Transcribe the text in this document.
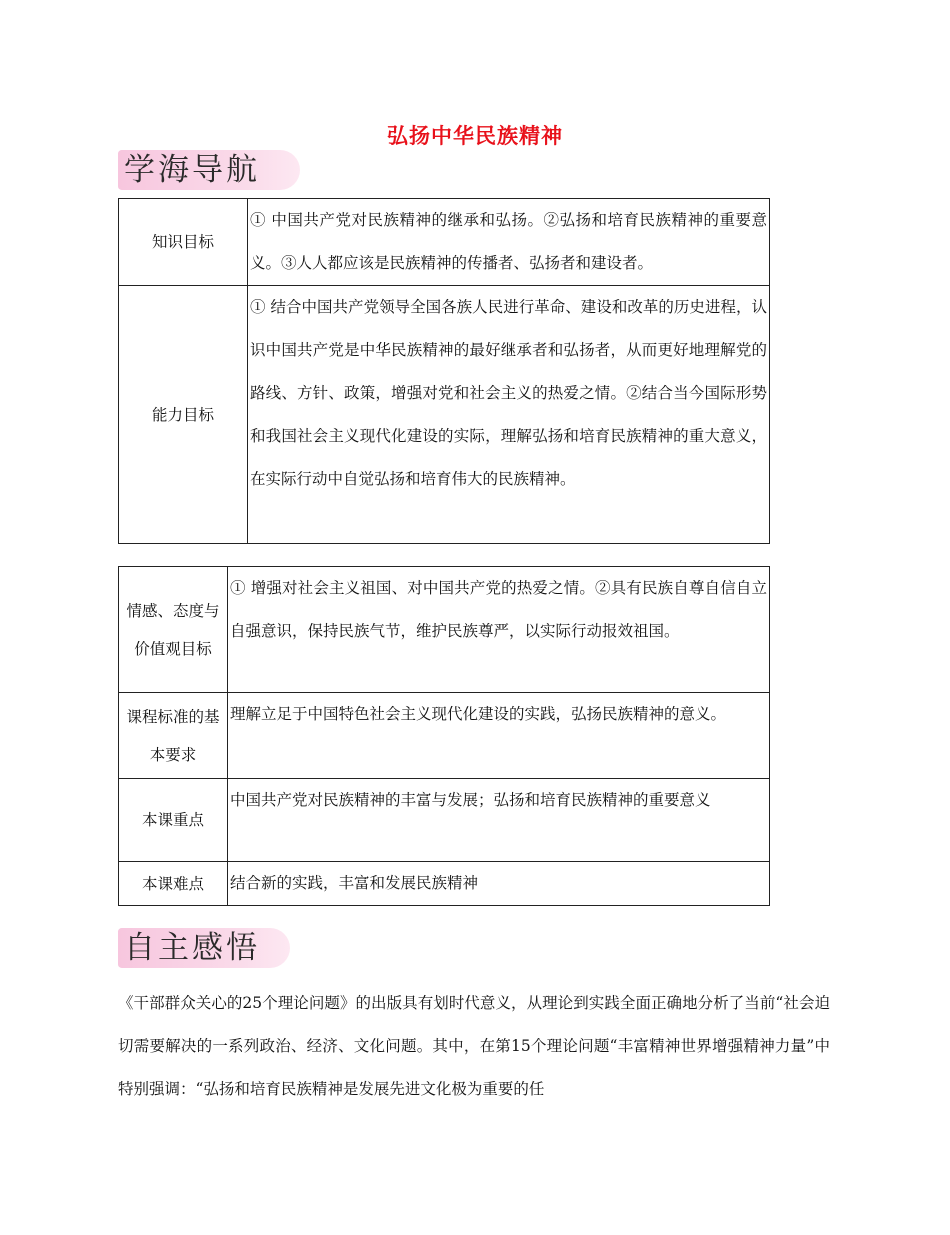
弘扬中华民族精神
学海导航
知识目标	① 中国共产党对民族精神的继承和弘扬。②弘扬和培育民族精神的重要意义。③人人都应该是民族精神的传播者、弘扬者和建设者。
能力目标	① 结合中国共产党领导全国各族人民进行革命、建设和改革的历史进程，认识中国共产党是中华民族精神的最好继承者和弘扬者，从而更好地理解党的路线、方针、政策，增强对党和社会主义的热爱之情。②结合当今国际形势和我国社会主义现代化建设的实际，理解弘扬和培育民族精神的重大意义，在实际行动中自觉弘扬和培育伟大的民族精神。
情感、态度与价值观目标	① 增强对社会主义祖国、对中国共产党的热爱之情。②具有民族自尊自信自立自强意识，保持民族气节，维护民族尊严，以实际行动报效祖国。
课程标准的基本要求	理解立足于中国特色社会主义现代化建设的实践，弘扬民族精神的意义。
本课重点	中国共产党对民族精神的丰富与发展；弘扬和培育民族精神的重要意义
本课难点	结合新的实践，丰富和发展民族精神
自主感悟
《干部群众关心的25个理论问题》的出版具有划时代意义，从理论到实践全面正确地分析了当前“社会迫切需要解决的一系列政治、经济、文化问题。其中，在第15个理论问题“丰富精神世界增强精神力量”中特别强调：“弘扬和培育民族精神是发展先进文化极为重要的任
